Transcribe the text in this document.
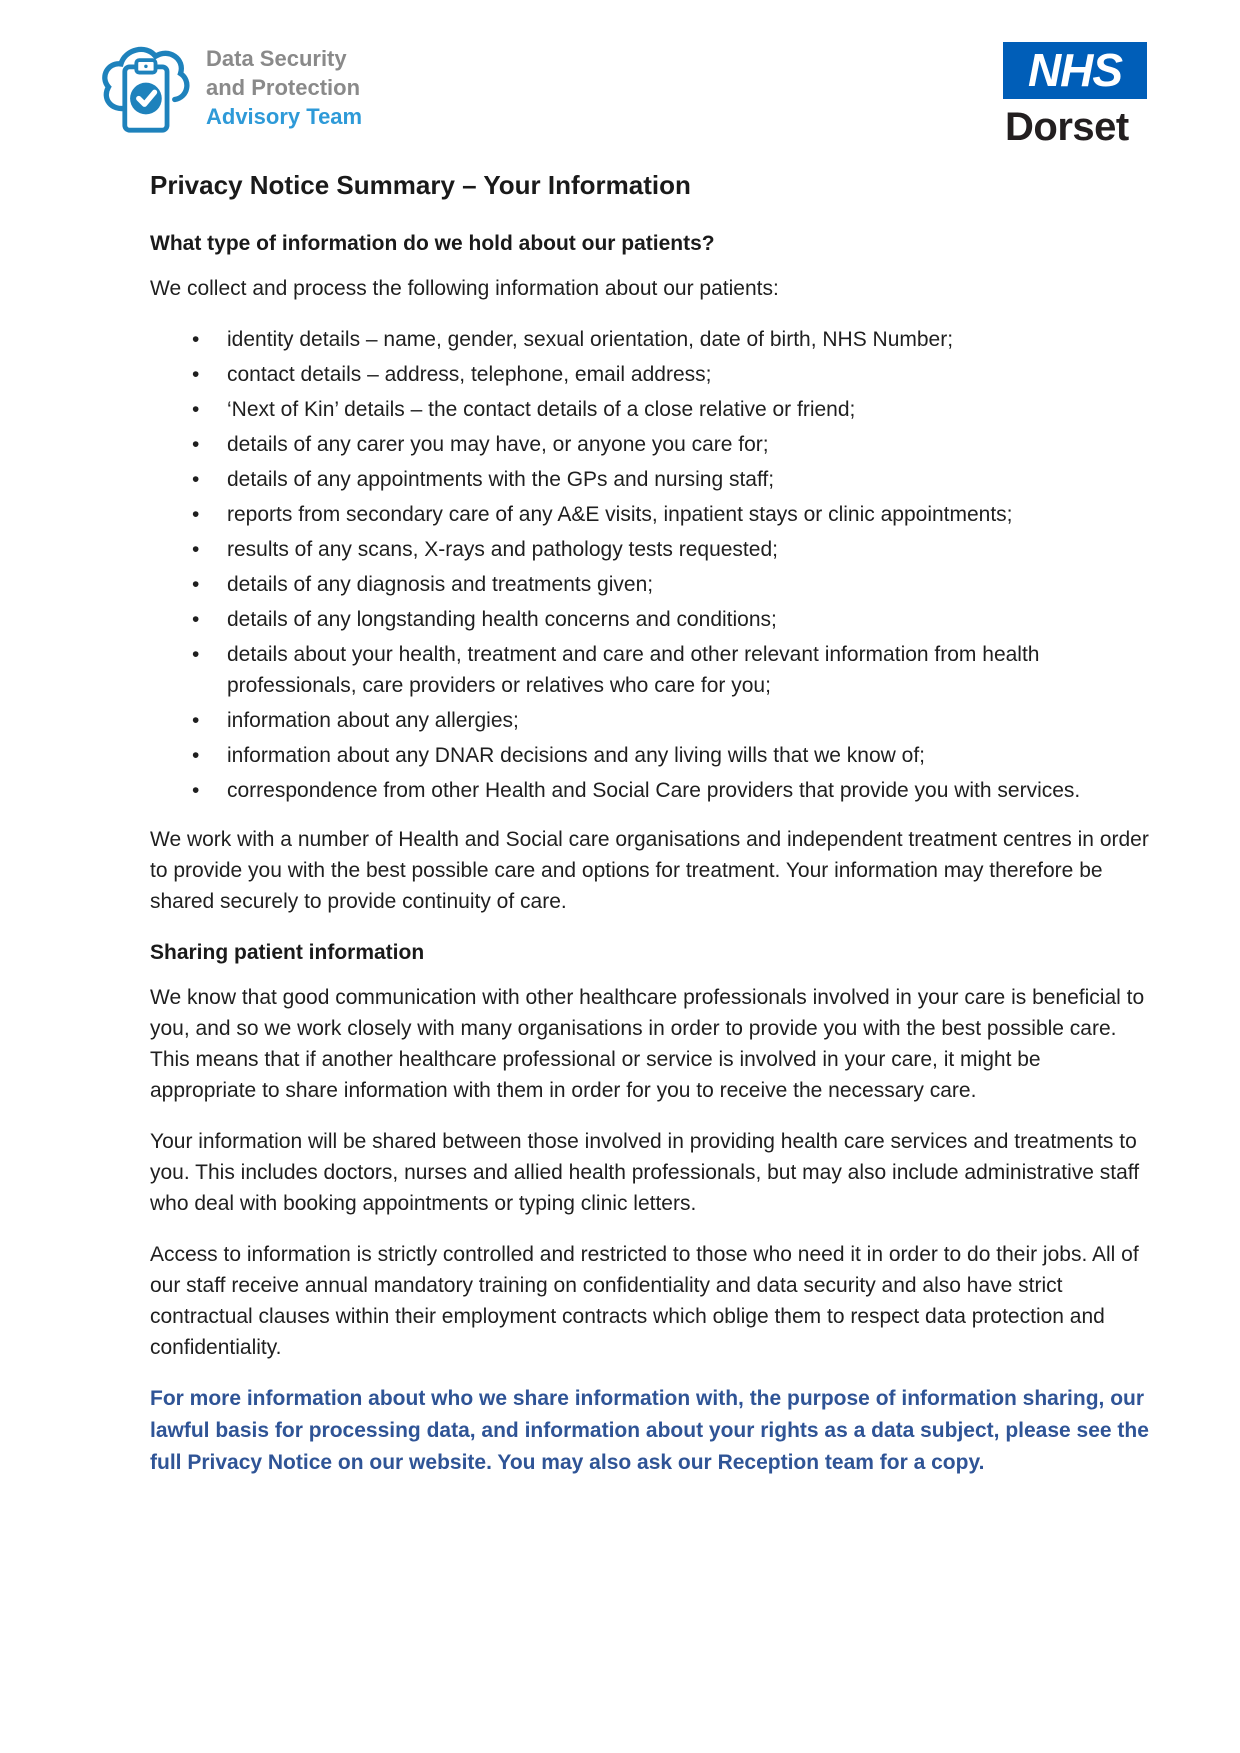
Data Security
and Protection
Advisory Team
NHS
Dorset
Privacy Notice Summary – Your Information
What type of information do we hold about our patients?

We collect and process the following information about our patients:

• identity details – name, gender, sexual orientation, date of birth, NHS Number;
• contact details – address, telephone, email address;
• ‘Next of Kin’ details – the contact details of a close relative or friend;
• details of any carer you may have, or anyone you care for;
• details of any appointments with the GPs and nursing staff;
• reports from secondary care of any A&E visits, inpatient stays or clinic appointments;
• results of any scans, X-rays and pathology tests requested;
• details of any diagnosis and treatments given;
• details of any longstanding health concerns and conditions;
• details about your health, treatment and care and other relevant information from health professionals, care providers or relatives who care for you;
• information about any allergies;
• information about any DNAR decisions and any living wills that we know of;
• correspondence from other Health and Social Care providers that provide you with services.

We work with a number of Health and Social care organisations and independent treatment centres in order to provide you with the best possible care and options for treatment. Your information may therefore be shared securely to provide continuity of care.

Sharing patient information

We know that good communication with other healthcare professionals involved in your care is beneficial to you, and so we work closely with many organisations in order to provide you with the best possible care. This means that if another healthcare professional or service is involved in your care, it might be appropriate to share information with them in order for you to receive the necessary care.

Your information will be shared between those involved in providing health care services and treatments to you. This includes doctors, nurses and allied health professionals, but may also include administrative staff who deal with booking appointments or typing clinic letters.

Access to information is strictly controlled and restricted to those who need it in order to do their jobs. All of our staff receive annual mandatory training on confidentiality and data security and also have strict contractual clauses within their employment contracts which oblige them to respect data protection and confidentiality.

For more information about who we share information with, the purpose of information sharing, our lawful basis for processing data, and information about your rights as a data subject, please see the full Privacy Notice on our website. You may also ask our Reception team for a copy.
